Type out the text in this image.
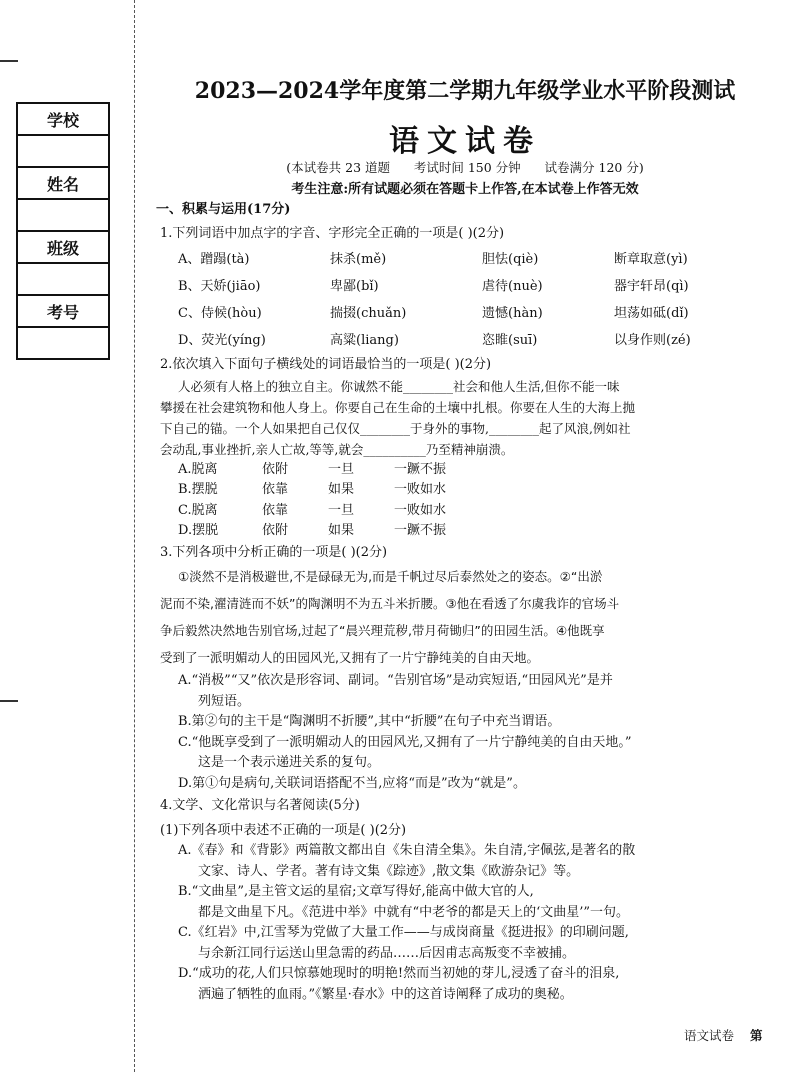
学校

姓名

班级

考号

2023—2024学年度第二学期九年级学业水平阶段测试
语文试卷
(本试卷共 23 道题      考试时间 150 分钟      试卷满分 120 分)
考生注意:所有试题必须在答题卡上作答,在本试卷上作答无效
一、积累与运用(17分)
1.下列词语中加点字的字音、字形完全正确的一项是( )(2分)
A、蹭蹋(tà)	抹杀(mě)	胆怯(qiè)	断章取意(yì)
B、天娇(jiāo)	卑鄙(bǐ)	虐待(nuè)	器宇轩昂(qì)
C、侍候(hòu)	揣掇(chuǎn)	遗憾(hàn)	坦荡如砥(dǐ)
D、荧光(yíng)	高粱(liang)	恣睢(suī)	以身作则(zé)
2.依次填入下面句子横线处的词语最恰当的一项是( )(2分)
人必须有人格上的独立自主。你诚然不能________社会和他人生活,但你不能一味
攀援在社会建筑物和他人身上。你要自己在生命的土壤中扎根。你要在人生的大海上抛
下自己的锚。一个人如果把自己仅仅________于身外的事物,________起了风浪,例如社
会动乱,事业挫折,亲人亡故,等等,就会__________乃至精神崩溃。
A.脱离	依附	一旦	一蹶不振
B.摆脱	依靠	如果	一败如水
C.脱离	依靠	一旦	一败如水
D.摆脱	依附	如果	一蹶不振
3.下列各项中分析正确的一项是( )(2分)
①淡然不是消极避世,不是碌碌无为,而是千帆过尽后泰然处之的姿态。②“出淤
泥而不染,濯清涟而不妖”的陶渊明不为五斗米折腰。③他在看透了尔虞我诈的官场斗
争后毅然决然地告别官场,过起了“晨兴理荒秽,带月荷锄归”的田园生活。④他既享
受到了一派明媚动人的田园风光,又拥有了一片宁静纯美的自由天地。
A.“消极”“又”依次是形容词、副词。“告别官场”是动宾短语,“田园风光”是并
列短语。
B.第②句的主干是“陶渊明不折腰”,其中“折腰”在句子中充当谓语。
C.“他既享受到了一派明媚动人的田园风光,又拥有了一片宁静纯美的自由天地。”
这是一个表示递进关系的复句。
D.第①句是病句,关联词语搭配不当,应将“而是”改为“就是”。
4.文学、文化常识与名著阅读(5分)
(1)下列各项中表述不正确的一项是( )(2分)
A.《春》和《背影》两篇散文都出自《朱自清全集》。朱自清,字佩弦,是著名的散
文家、诗人、学者。著有诗文集《踪迹》,散文集《欧游杂记》等。
B.“文曲星”,是主管文运的星宿;文章写得好,能高中做大官的人,
都是文曲星下凡。《范进中举》中就有“中老爷的都是天上的‘文曲星’”一句。
C.《红岩》中,江雪琴为党做了大量工作——与成岗商量《挺进报》的印刷问题,
与余新江同行运送山里急需的药品……后因甫志高叛变不幸被捕。
D.“成功的花,人们只惊慕她现时的明艳!然而当初她的芽儿,浸透了奋斗的泪泉,
洒遍了牺牲的血雨。”《繁星·春水》中的这首诗阐释了成功的奥秘。
语文试卷 第
